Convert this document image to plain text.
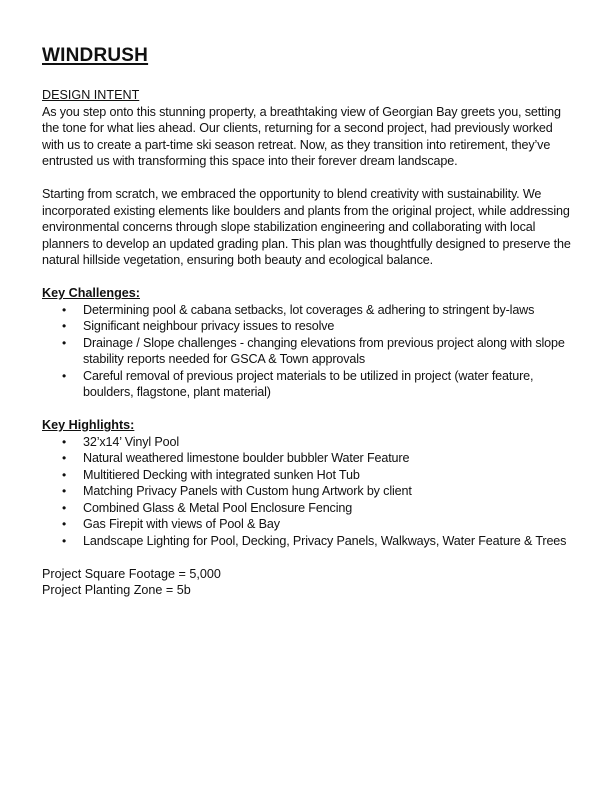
WINDRUSH
DESIGN INTENT

As you step onto this stunning property, a breathtaking view of Georgian Bay greets you, setting the tone for what lies ahead. Our clients, returning for a second project, had previously worked with us to create a part-time ski season retreat. Now, as they transition into retirement, they’ve entrusted us with transforming this space into their forever dream landscape.

Starting from scratch, we embraced the opportunity to blend creativity with sustainability. We incorporated existing elements like boulders and plants from the original project, while addressing environmental concerns through slope stabilization engineering and collaborating with local planners to develop an updated grading plan. This plan was thoughtfully designed to preserve the natural hillside vegetation, ensuring both beauty and ecological balance.

Key Challenges:
• Determining pool & cabana setbacks, lot coverages & adhering to stringent by-laws
• Significant neighbour privacy issues to resolve
• Drainage / Slope challenges - changing elevations from previous project along with slope stability reports needed for GSCA & Town approvals
• Careful removal of previous project materials to be utilized in project (water feature, boulders, flagstone, plant material)
Key Highlights:
• 32’x14’ Vinyl Pool
• Natural weathered limestone boulder bubbler Water Feature
• Multitiered Decking with integrated sunken Hot Tub
• Matching Privacy Panels with Custom hung Artwork by client
• Combined Glass & Metal Pool Enclosure Fencing
• Gas Firepit with views of Pool & Bay
• Landscape Lighting for Pool, Decking, Privacy Panels, Walkways, Water Feature & Trees
Project Square Footage = 5,000
Project Planting Zone = 5b
